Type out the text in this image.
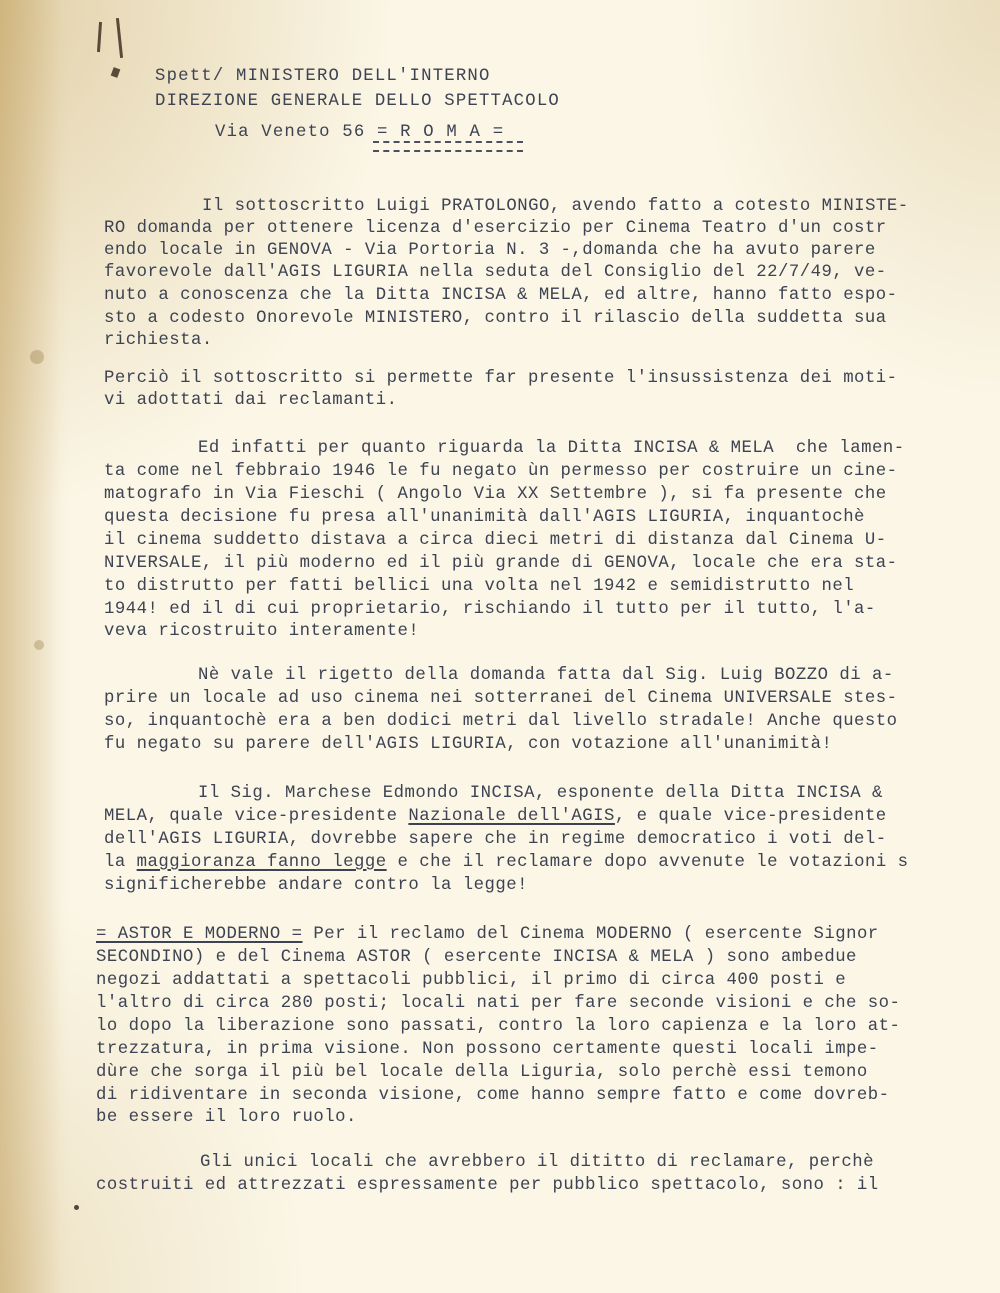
Spett/ MINISTERO DELL'INTERNO
DIREZIONE GENERALE DELLO SPETTACOLO
Via Veneto 56 = R O M A =
Il sottoscritto Luigi PRATOLONGO, avendo fatto a cotesto MINISTE-
RO domanda per ottenere licenza d'esercizio per Cinema Teatro d'un costr
endo locale in GENOVA - Via Portoria N. 3 -,domanda che ha avuto parere
favorevole dall'AGIS LIGURIA nella seduta del Consiglio del 22/7/49, ve-
nuto a conoscenza che la Ditta INCISA & MELA, ed altre, hanno fatto espo-
sto a codesto Onorevole MINISTERO, contro il rilascio della suddetta sua
richiesta.
Perciò il sottoscritto si permette far presente l'insussistenza dei moti-
vi adottati dai reclamanti.
Ed infatti per quanto riguarda la Ditta INCISA & MELA  che lamen-
ta come nel febbraio 1946 le fu negato ùn permesso per costruire un cine-
matografo in Via Fieschi ( Angolo Via XX Settembre ), si fa presente che
questa decisione fu presa all'unanimità dall'AGIS LIGURIA, inquantochè
il cinema suddetto distava a circa dieci metri di distanza dal Cinema U-
NIVERSALE, il più moderno ed il più grande di GENOVA, locale che era sta-
to distrutto per fatti bellici una volta nel 1942 e semidistrutto nel
1944! ed il di cui proprietario, rischiando il tutto per il tutto, l'a-
veva ricostruito interamente!
Nè vale il rigetto della domanda fatta dal Sig. Luig BOZZO di a-
prire un locale ad uso cinema nei sotterranei del Cinema UNIVERSALE stes-
so, inquantochè era a ben dodici metri dal livello stradale! Anche questo
fu negato su parere dell'AGIS LIGURIA, con votazione all'unanimità!
Il Sig. Marchese Edmondo INCISA, esponente della Ditta INCISA &
MELA, quale vice-presidente Nazionale dell'AGIS, e quale vice-presidente
dell'AGIS LIGURIA, dovrebbe sapere che in regime democratico i voti del-
la maggioranza fanno legge e che il reclamare dopo avvenute le votazioni s
significherebbe andare contro la legge!
= ASTOR E MODERNO = Per il reclamo del Cinema MODERNO ( esercente Signor
SECONDINO) e del Cinema ASTOR ( esercente INCISA & MELA ) sono ambedue
negozi addattati a spettacoli pubblici, il primo di circa 400 posti e
l'altro di circa 280 posti; locali nati per fare seconde visioni e che so-
lo dopo la liberazione sono passati, contro la loro capienza e la loro at-
trezzatura, in prima visione. Non possono certamente questi locali impe-
dùre che sorga il più bel locale della Liguria, solo perchè essi temono
di ridiventare in seconda visione, come hanno sempre fatto e come dovreb-
be essere il loro ruolo.
Gli unici locali che avrebbero il dititto di reclamare, perchè
costruiti ed attrezzati espressamente per pubblico spettacolo, sono : il
